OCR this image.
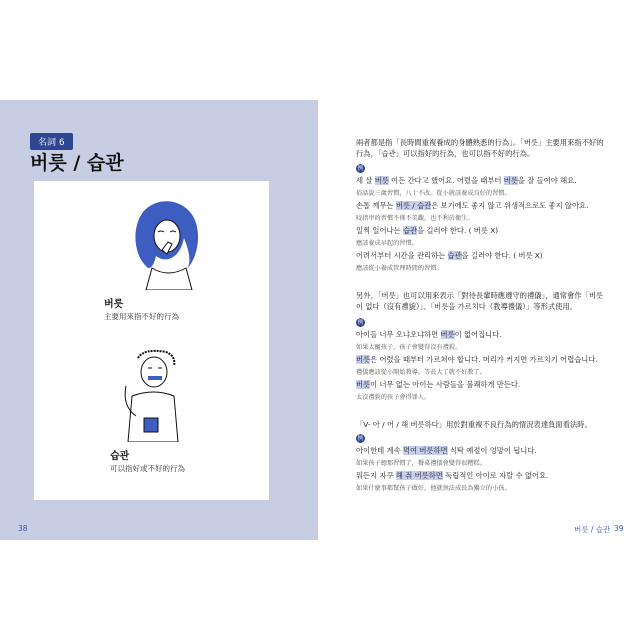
名詞 6
버릇 / 습관
버릇
主要用來指不好的行為
습관
可以指好或不好的行為
38
兩者都是指「長時間重複養成的身體熟悉的行為」。「버릇」主要用來指不好的行為，「습관」可以指好的行為，也可以指不好的行為。
例
세 살 버릇 여든 간다고 했어요. 어렸을 때부터 버릇을 잘 들여야 해요.
俗話說三歲習慣，八十不改。從小就該養成良好的習慣。
손톱 깨무는 버릇 / 습관은 보기에도 좋지 않고 위생적으로도 좋지 않아요.
咬指甲的習慣不僅不美觀，也不利於衛生。
일찍 일어나는 습관을 길러야 한다. ( 버릇 X)
應該養成早起的習慣。
어려서부터 시간을 관리하는 습관을 길러야 한다. ( 버릇 X)
應該從小養成管理時間的習慣。
另外，「버릇」也可以用來表示「對待長輩時應遵守的禮儀」，通常會作「버릇이 없다（沒有禮貌）」、「버릇을 가르치다（教導禮儀）」等形式使用。
例
아이들 너무 오냐오냐하면 버릇이 없어집니다.
如果太寵孩子，孩子會變得沒有禮貌。
버릇은 어렸을 때부터 가르쳐야 합니다. 머리가 커지면 가르치기 어렵습니다.
禮儀應該從小開始教導。等長大了就不好教了。
버릇이 너무 없는 아이는 사람들을 불쾌하게 만든다.
太沒禮貌的孩子會得罪人。
「V- 아 / 어 / 해 버릇하다」用於對重複不良行為的情況表達負面看法時。
例
아이한테 계속 먹여 버릇하면 식탁 예절이 엉망이 됩니다.
如果孩子總那習慣了，餐桌禮儀會變得很糟糕。
뭐든지 자꾸 해 줘 버릇하면 독립적인 아이로 자랄 수 없어요.
如果什麼事都幫孩子做好，他就無法成長為獨立的小孩。
버릇 / 습관 39
